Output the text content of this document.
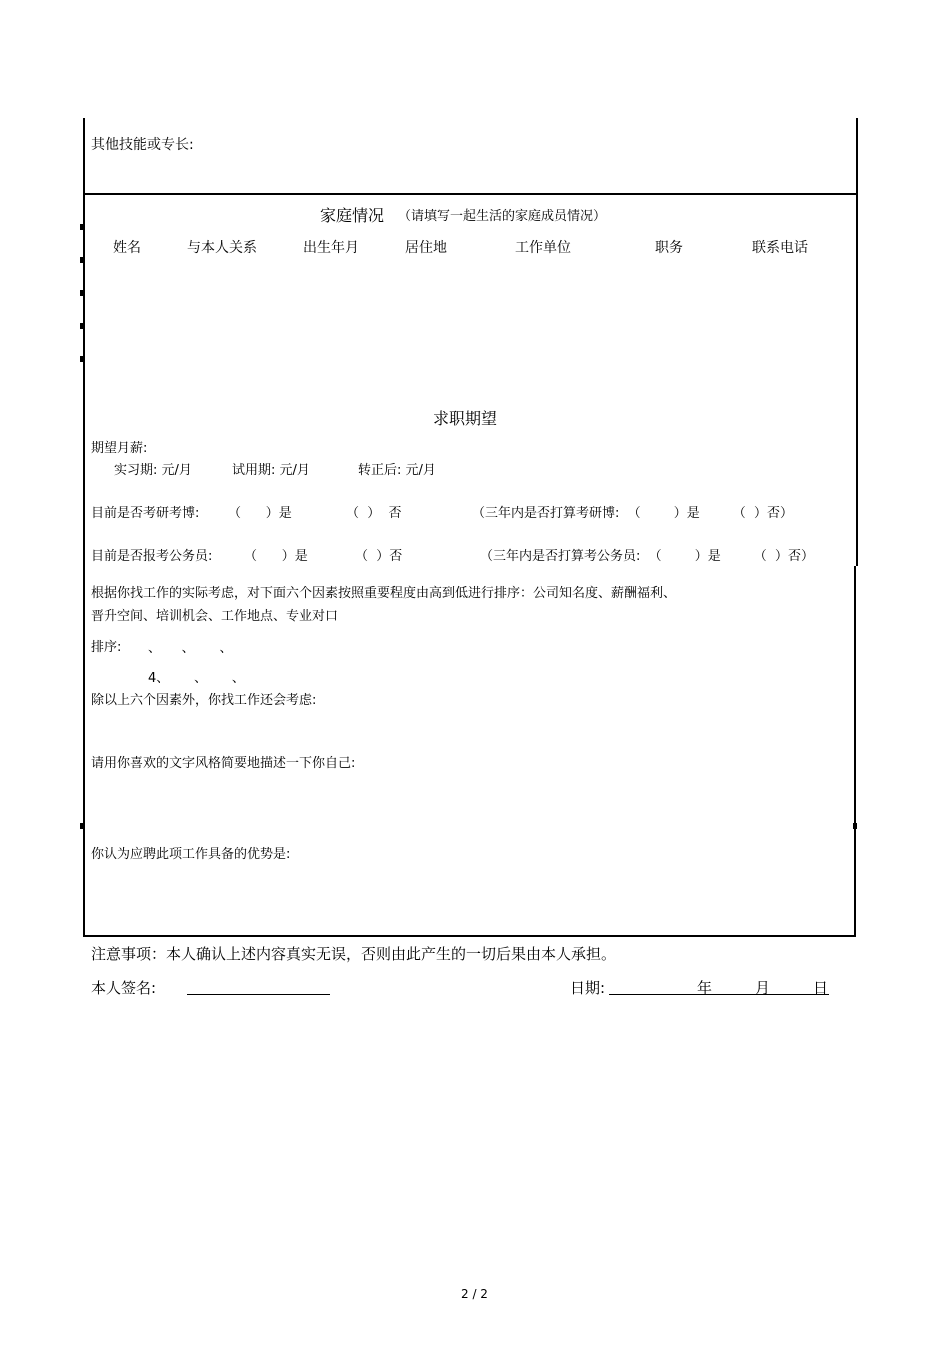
其他技能或专长:
家庭情况 （请填写一起生活的家庭成员情况）
姓名	与本人关系	出生年月	居住地	工作单位	职务	联系电话
求职期望
期望月薪:
实习期: 元/月	试用期: 元/月	转正后: 元/月
目前是否考研考博: （      ）是	（  ）  否	（三年内是否打算考研博:  （        ）是        （  ）否）
目前是否报考公务员: （      ）是	（  ）否	（三年内是否打算考公务员:  （        ）是        （  ）否）
根据你找工作的实际考虑，对下面六个因素按照重要程度由高到低进行排序：公司知名度、薪酬福利、
晋升空间、培训机会、工作地点、专业对口
排序: 、     、      、
4、      、      、
除以上六个因素外，你找工作还会考虑:
请用你喜欢的文字风格简要地描述一下你自己:
你认为应聘此项工作具备的优势是:
注意事项：本人确认上述内容真实无误，否则由此产生的一切后果由本人承担。
本人签名:	日期:	年	月	日
2 / 2
